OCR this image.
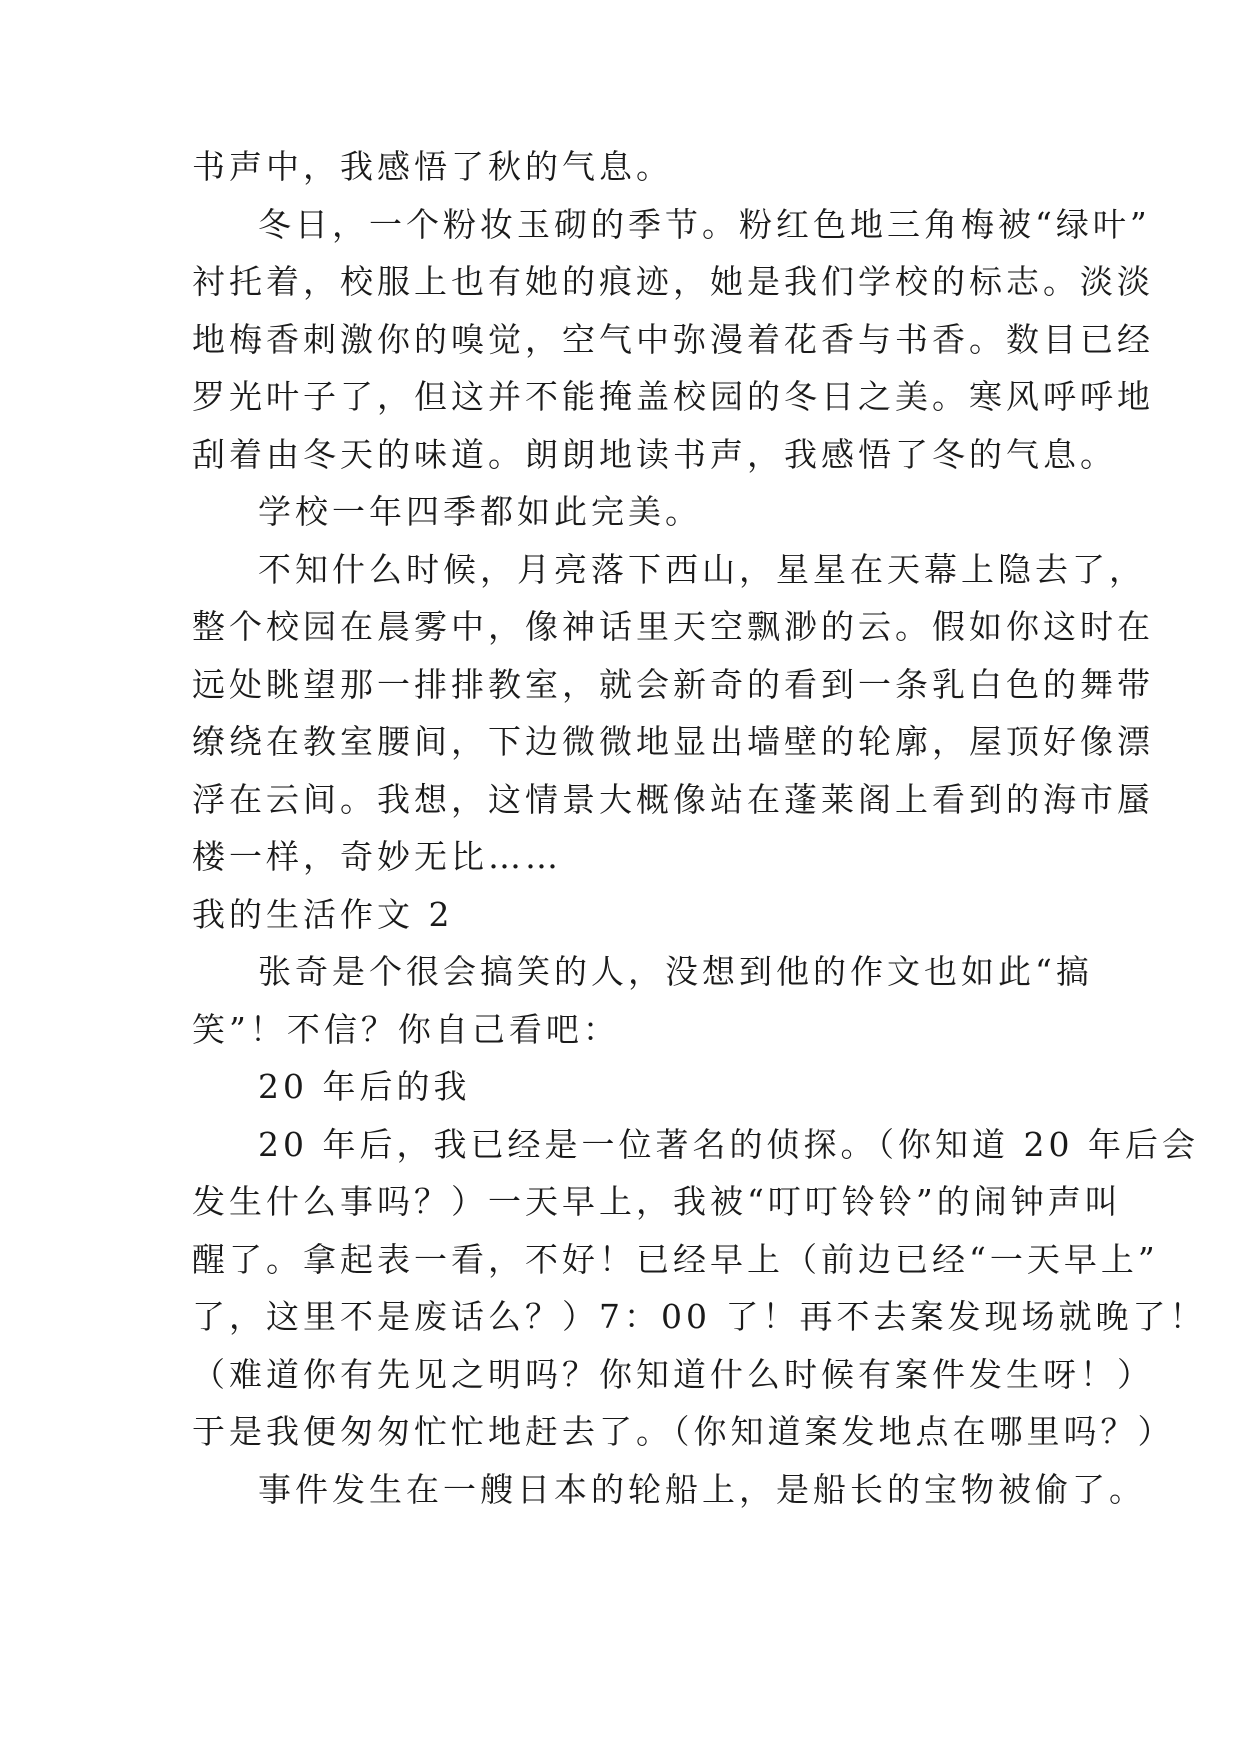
书声中，我感悟了秋的气息。
冬日，一个粉妆玉砌的季节。粉红色地三角梅被“绿叶”
衬托着，校服上也有她的痕迹，她是我们学校的标志。淡淡
地梅香刺激你的嗅觉，空气中弥漫着花香与书香。数目已经
罗光叶子了，但这并不能掩盖校园的冬日之美。寒风呼呼地
刮着由冬天的味道。朗朗地读书声，我感悟了冬的气息。
学校一年四季都如此完美。
不知什么时候，月亮落下西山，星星在天幕上隐去了，
整个校园在晨雾中，像神话里天空飘渺的云。假如你这时在
远处眺望那一排排教室，就会新奇的看到一条乳白色的舞带
缭绕在教室腰间，下边微微地显出墙壁的轮廓，屋顶好像漂
浮在云间。我想，这情景大概像站在蓬莱阁上看到的海市蜃
楼一样，奇妙无比……
我的生活作文 2
张奇是个很会搞笑的人，没想到他的作文也如此“搞
笑”！不信？你自己看吧：
20 年后的我
20 年后，我已经是一位著名的侦探。（你知道 20 年后会
发生什么事吗？）一天早上，我被“叮叮铃铃”的闹钟声叫
醒了。拿起表一看，不好！已经早上（前边已经“一天早上”
了，这里不是废话么？）7：00 了！再不去案发现场就晚了！
（难道你有先见之明吗？你知道什么时候有案件发生呀！）
于是我便匆匆忙忙地赶去了。（你知道案发地点在哪里吗？）
事件发生在一艘日本的轮船上，是船长的宝物被偷了。
